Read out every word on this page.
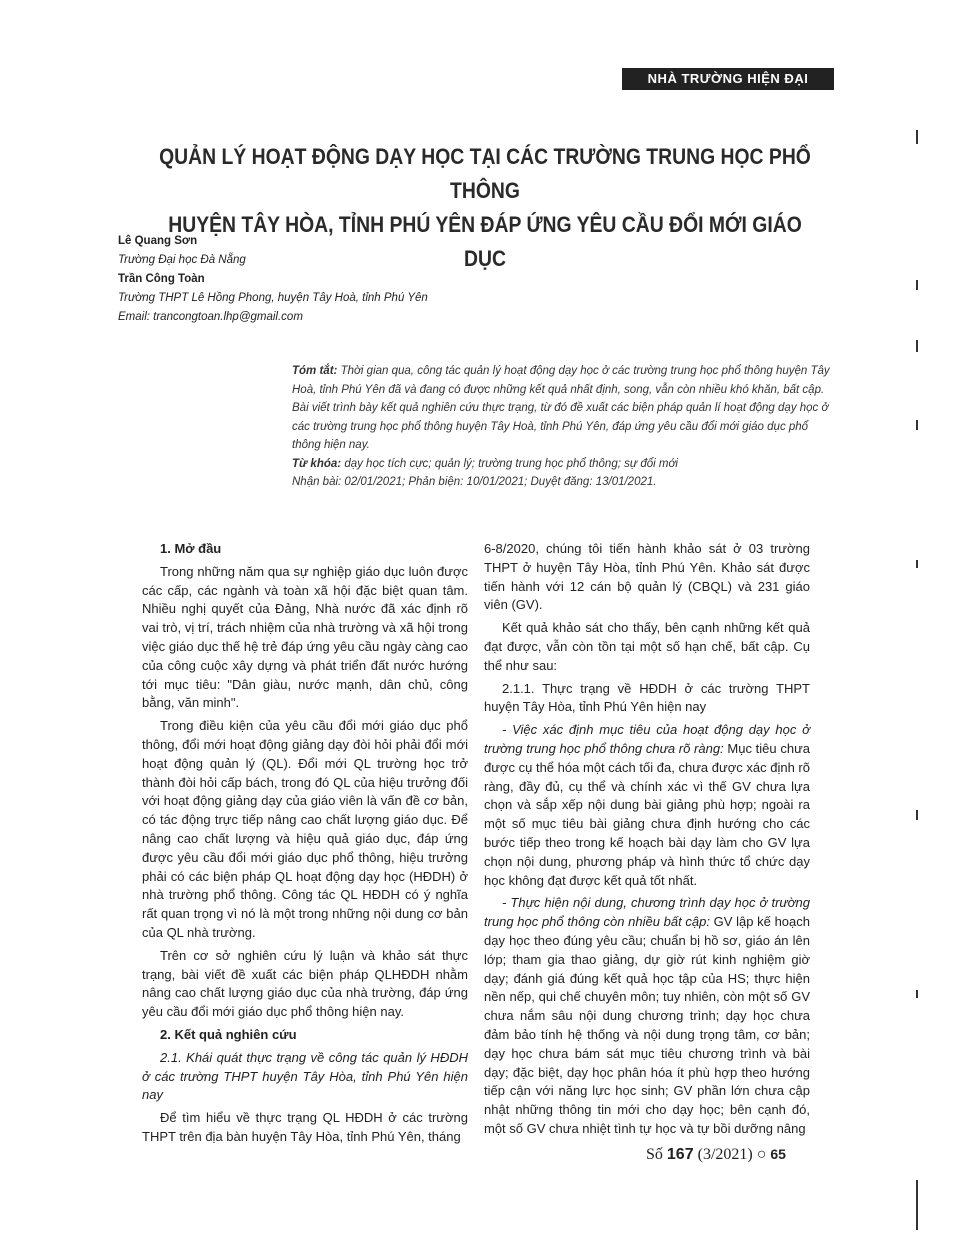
NHÀ TRƯỜNG HIỆN ĐẠI
QUẢN LÝ HOẠT ĐỘNG DẠY HỌC TẠI CÁC TRƯỜNG TRUNG HỌC PHỔ THÔNG
HUYỆN TÂY HÒA, TỈNH PHÚ YÊN ĐÁP ỨNG YÊU CẦU ĐỔI MỚI GIÁO DỤC
Lê Quang Sơn
Trường Đại học Đà Nẵng
Trần Công Toàn
Trường THPT Lê Hồng Phong, huyện Tây Hoà, tỉnh Phú Yên
Email: trancongtoan.lhp@gmail.com
Tóm tắt: Thời gian qua, công tác quản lý hoạt động dạy học ở các trường trung học phổ thông huyện Tây Hoà, tỉnh Phú Yên đã và đang có được những kết quả nhất định, song, vẫn còn nhiều khó khăn, bất cập. Bài viết trình bày kết quả nghiên cứu thực trạng, từ đó đề xuất các biện pháp quản lí hoạt động dạy học ở các trường trung học phổ thông huyện Tây Hoà, tỉnh Phú Yên, đáp ứng yêu cầu đổi mới giáo dục phổ thông hiện nay.
Từ khóa: dạy học tích cực; quản lý; trường trung học phổ thông; sự đổi mới
Nhận bài: 02/01/2021; Phản biện: 10/01/2021; Duyệt đăng: 13/01/2021.

1. Mở đầu

Trong những năm qua sự nghiệp giáo dục luôn được các cấp, các ngành và toàn xã hội đặc biệt quan tâm. Nhiều nghị quyết của Đảng, Nhà nước đã xác định rõ vai trò, vị trí, trách nhiệm của nhà trường và xã hội trong việc giáo dục thế hệ trẻ đáp ứng yêu cầu ngày càng cao của công cuộc xây dựng và phát triển đất nước hướng tới mục tiêu: "Dân giàu, nước mạnh, dân chủ, công bằng, văn minh".

Trong điều kiện của yêu cầu đổi mới giáo dục phổ thông, đổi mới hoạt động giảng dạy đòi hỏi phải đổi mới hoạt động quản lý (QL). Đổi mới QL trường học trở thành đòi hỏi cấp bách, trong đó QL của hiệu trưởng đối với hoạt động giảng dạy của giáo viên là vấn đề cơ bản, có tác động trực tiếp nâng cao chất lượng giáo dục. Để nâng cao chất lượng và hiệu quả giáo dục, đáp ứng được yêu cầu đổi mới giáo dục phổ thông, hiệu trưởng phải có các biện pháp QL hoạt động dạy học (HĐDH) ở nhà trường phổ thông. Công tác QL HĐDH có ý nghĩa rất quan trọng vì nó là một trong những nội dung cơ bản của QL nhà trường.

Trên cơ sở nghiên cứu lý luận và khảo sát thực trạng, bài viết đề xuất các biện pháp QLHĐDH nhằm nâng cao chất lượng giáo dục của nhà trường, đáp ứng yêu cầu đổi mới giáo dục phổ thông hiện nay.

2. Kết quả nghiên cứu

2.1. Khái quát thực trạng về công tác quản lý HĐDH ở các trường THPT huyện Tây Hòa, tỉnh Phú Yên hiện nay

Để tìm hiểu về thực trạng QL HĐDH ở các trường THPT trên địa bàn huyện Tây Hòa, tỉnh Phú Yên, tháng

6-8/2020, chúng tôi tiến hành khảo sát ở 03 trường THPT ở huyện Tây Hòa, tỉnh Phú Yên. Khảo sát được tiến hành với 12 cán bộ quản lý (CBQL) và 231 giáo viên (GV).

Kết quả khảo sát cho thấy, bên cạnh những kết quả đạt được, vẫn còn tồn tại một số hạn chế, bất cập. Cụ thể như sau:

2.1.1. Thực trạng về HĐDH ở các trường THPT huyện Tây Hòa, tỉnh Phú Yên hiện nay

- Việc xác định mục tiêu của hoạt động dạy học ở trường trung học phổ thông chưa rõ ràng: Mục tiêu chưa được cụ thể hóa một cách tối đa, chưa được xác định rõ ràng, đầy đủ, cụ thể và chính xác vì thế GV chưa lựa chọn và sắp xếp nội dung bài giảng phù hợp; ngoài ra một số mục tiêu bài giảng chưa định hướng cho các bước tiếp theo trong kế hoạch bài dạy làm cho GV lựa chọn nội dung, phương pháp và hình thức tổ chức dạy học không đạt được kết quả tốt nhất.

- Thực hiện nội dung, chương trình dạy học ở trường trung học phổ thông còn nhiều bất cập: GV lập kế hoạch dạy học theo đúng yêu cầu; chuẩn bị hồ sơ, giáo án lên lớp; tham gia thao giảng, dự giờ rút kinh nghiệm giờ dạy; đánh giá đúng kết quả học tập của HS; thực hiện nền nếp, qui chế chuyên môn; tuy nhiên, còn một số GV chưa nắm sâu nội dung chương trình; dạy học chưa đảm bảo tính hệ thống và nội dung trọng tâm, cơ bản; dạy học chưa bám sát mục tiêu chương trình và bài dạy; đặc biệt, dạy học phân hóa ít phù hợp theo hướng tiếp cận với năng lực học sinh; GV phần lớn chưa cập nhật những thông tin mới cho dạy học; bên cạnh đó, một số GV chưa nhiệt tình tự học và tự bồi dưỡng nâng

Số 167 (3/2021) ○ 65
